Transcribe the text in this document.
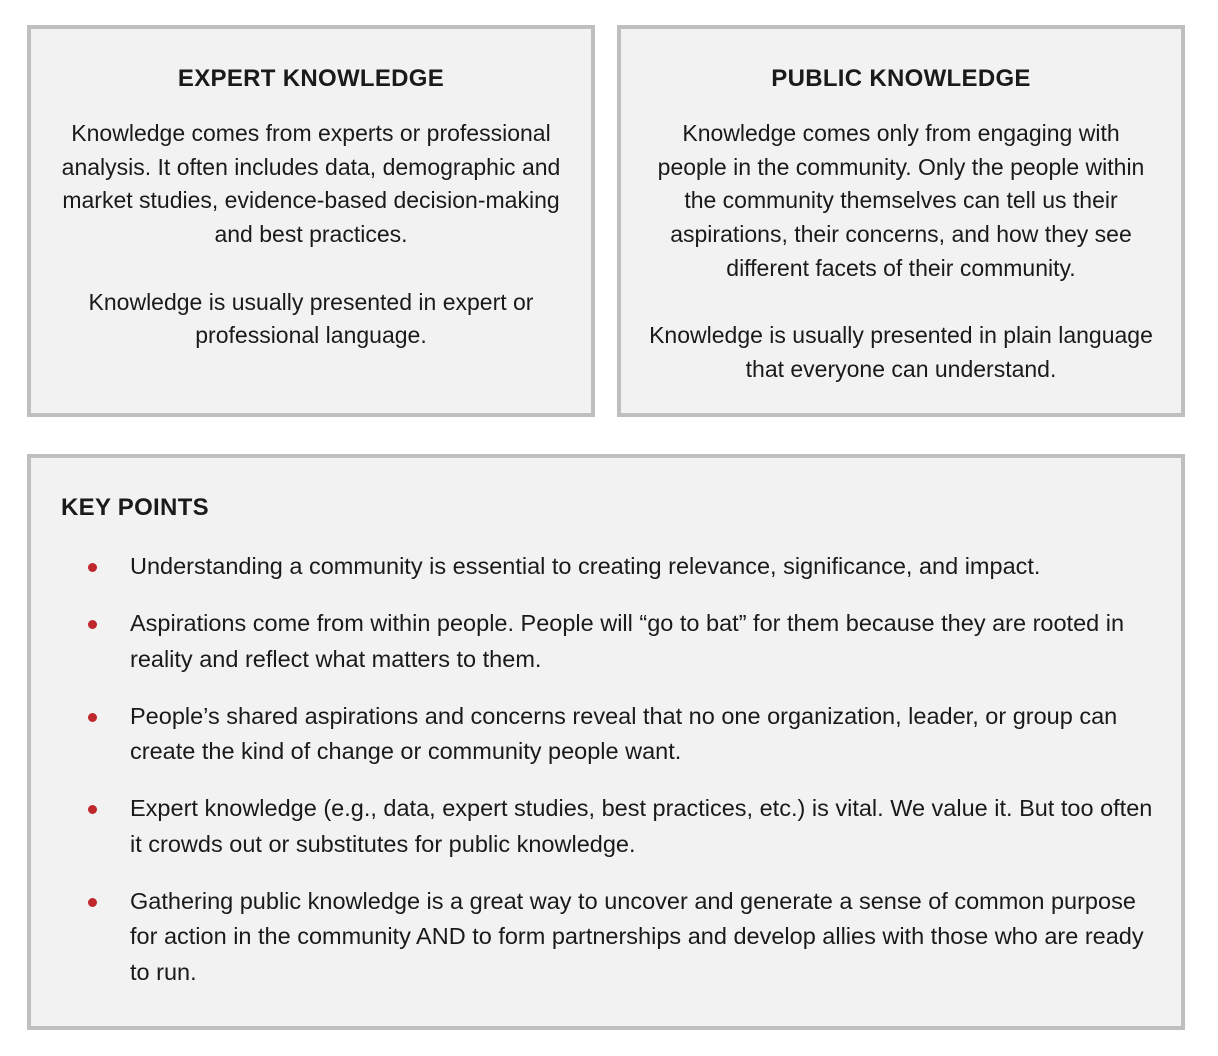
EXPERT KNOWLEDGE

Knowledge comes from experts or professional analysis. It often includes data, demographic and market studies, evidence-based decision-making and best practices.

Knowledge is usually presented in expert or professional language.

PUBLIC KNOWLEDGE

Knowledge comes only from engaging with people in the community. Only the people within the community themselves can tell us their aspirations, their concerns, and how they see different facets of their community.

Knowledge is usually presented in plain language that everyone can understand.

KEY POINTS
Understanding a community is essential to creating relevance, significance, and impact.
Aspirations come from within people. People will “go to bat” for them because they are rooted in reality and reflect what matters to them.
People’s shared aspirations and concerns reveal that no one organization, leader, or group can create the kind of change or community people want.
Expert knowledge (e.g., data, expert studies, best practices, etc.) is vital. We value it. But too often it crowds out or substitutes for public knowledge.
Gathering public knowledge is a great way to uncover and generate a sense of common purpose for action in the community AND to form partnerships and develop allies with those who are ready to run.
